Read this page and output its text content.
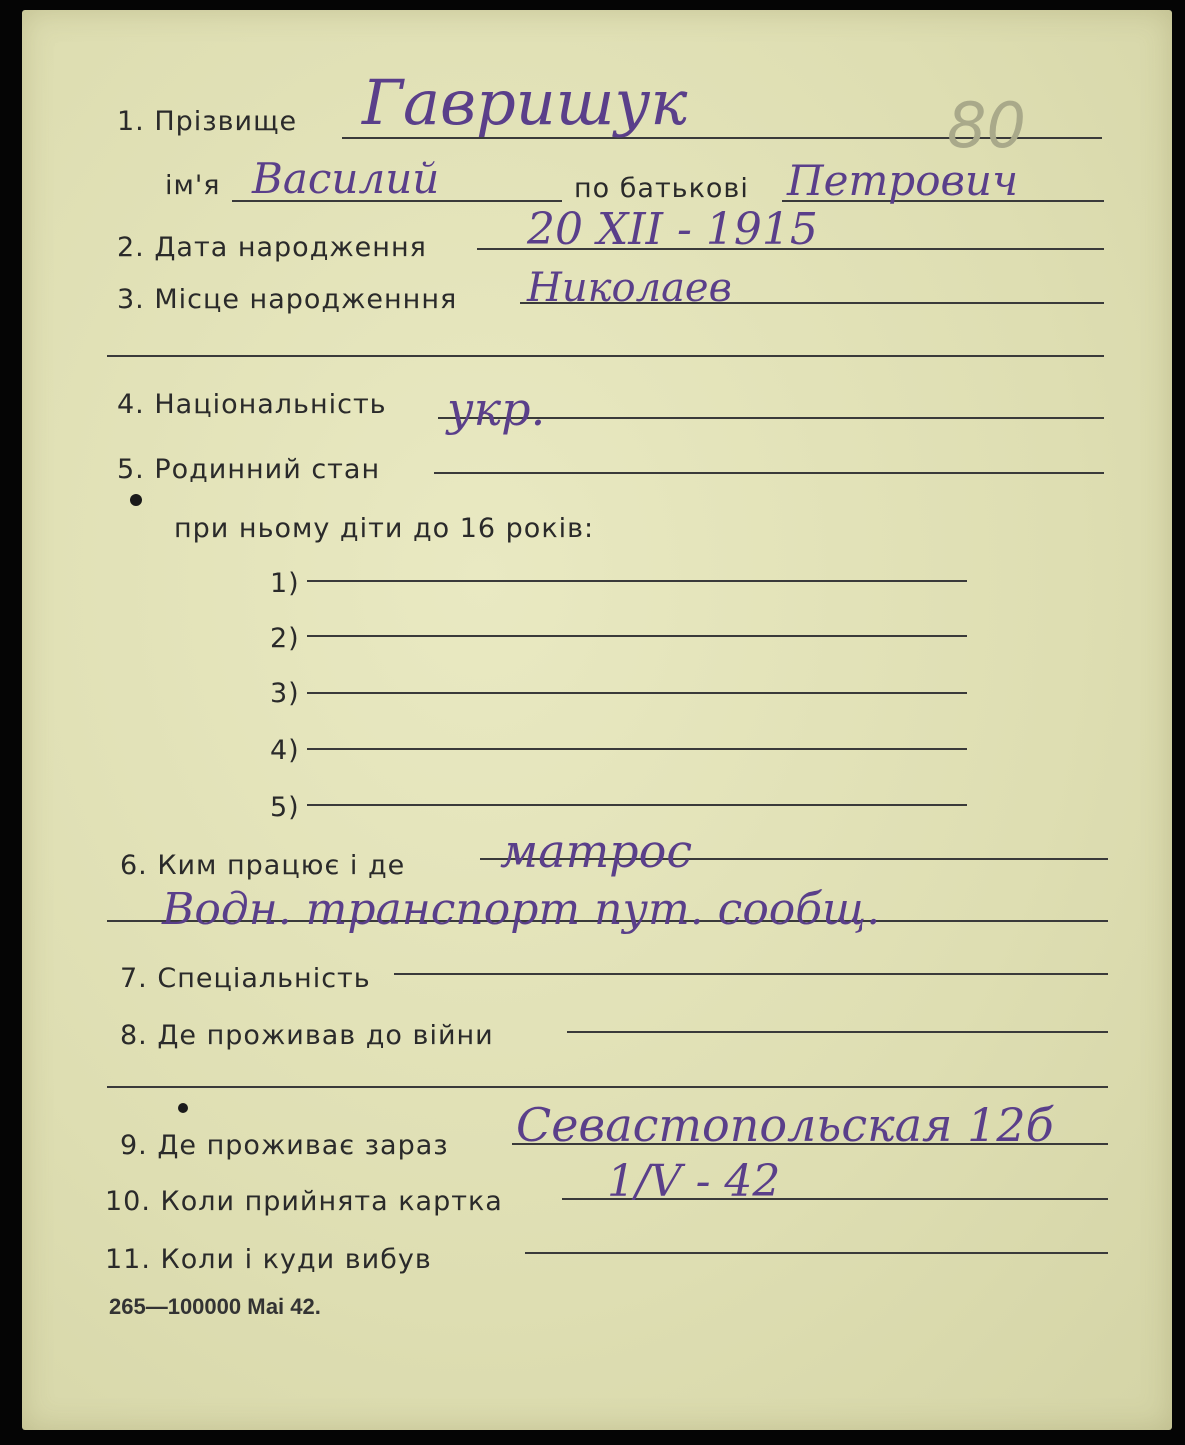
1. Прізвище Гавришук	80
ім'я Василий	по батькові Петрович
2. Дата народження 20 XII - 1915
3. Місце народженння Николаев
4. Національність укр.
5. Родинний стан
при ньому діти до 16 років:
1)
2)
3)
4)
5)
6. Ким працює і де матрос
Водн. транспорт пут. сообщ.
7. Спеціальність
8. Де проживав до війни
9. Де проживає зараз Севастопольская 12б
10. Коли прийнята картка 1/V - 42
11. Коли і куди вибув
265—100000 Маі 42.
